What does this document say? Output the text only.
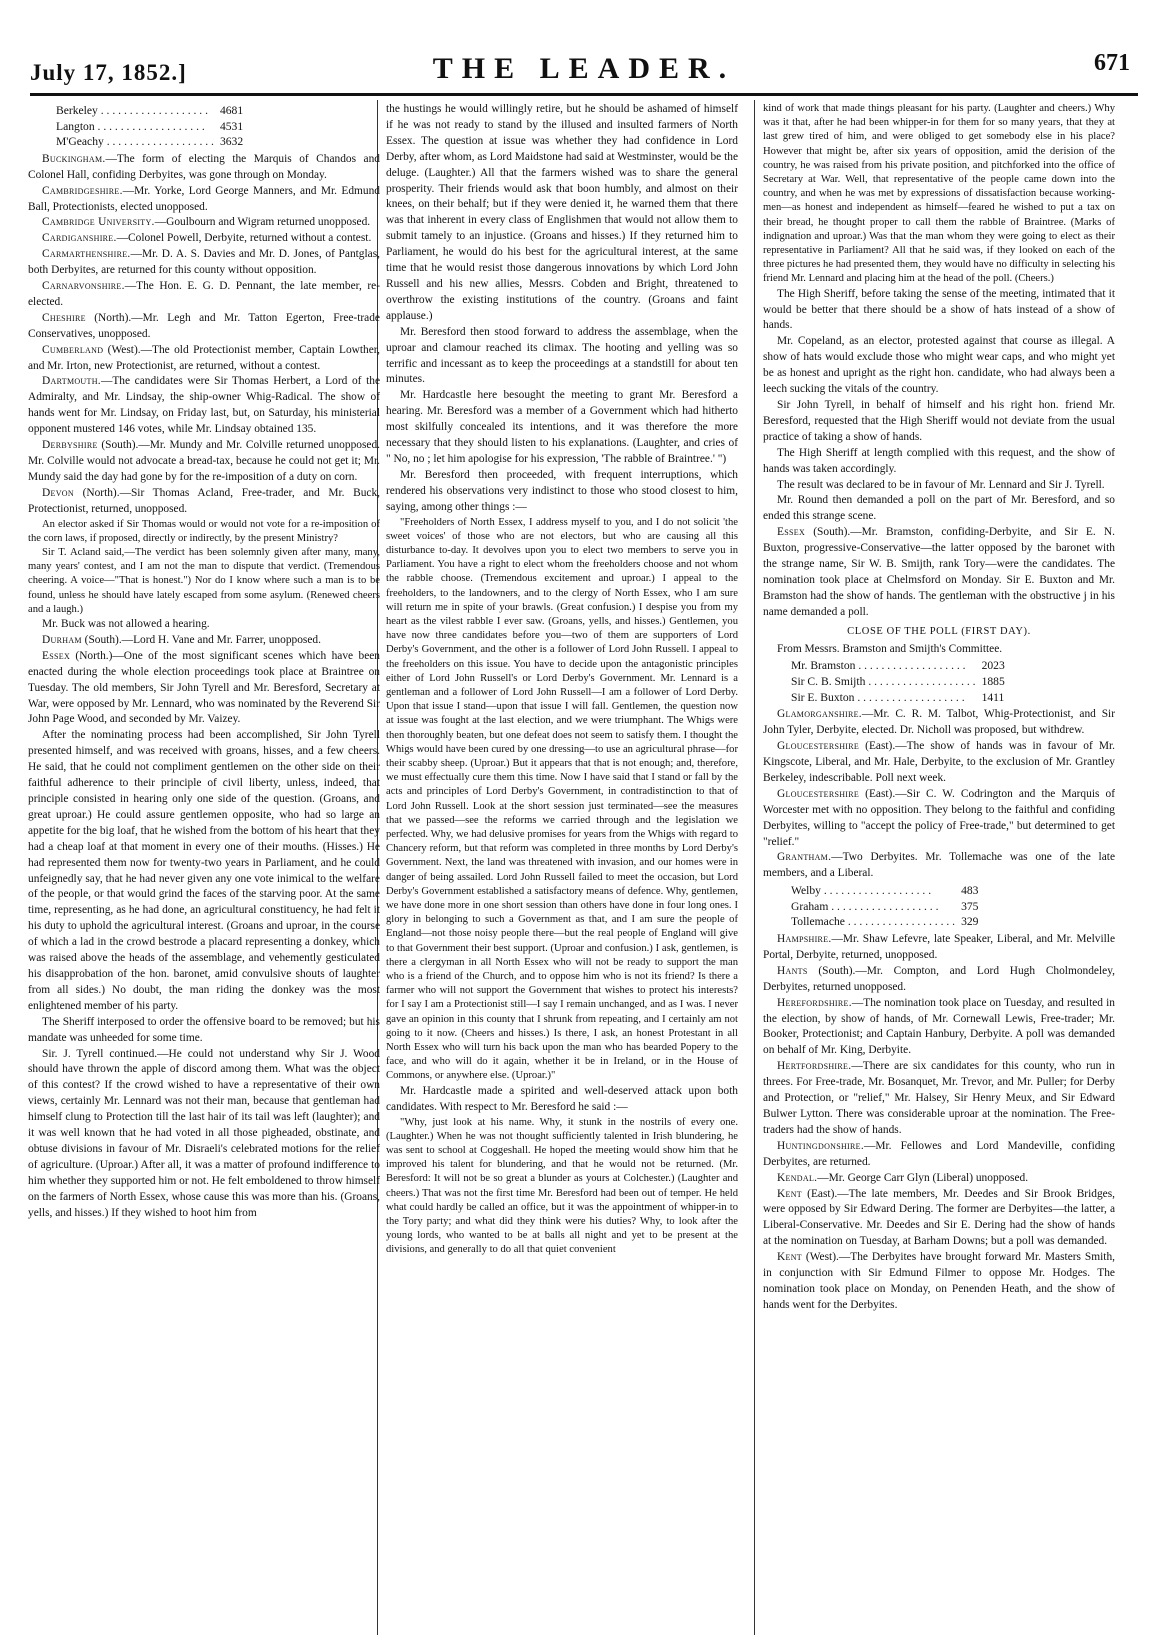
July 17, 1852.]	THE LEADER.	671
Berkeley . . .	4681
Langton . . .	4531
M'Geachy . . .	3632

Buckingham.—The form of electing the Marquis of Chandos and Colonel Hall, confiding Derbyites, was gone through on Monday.

Cambridgeshire.—Mr. Yorke, Lord George Manners, and Mr. Edmund Ball, Protectionists, elected unopposed.

Cambridge University.—Goulbourn and Wigram returned unopposed.

Cardiganshire.—Colonel Powell, Derbyite, returned without a contest.

Carmarthenshire.—Mr. D. A. S. Davies and Mr. D. Jones, of Pantglas, both Derbyites, are returned for this county without opposition.

Carnarvonshire.—The Hon. E. G. D. Pennant, the late member, re-elected.

Cheshire (North).—Mr. Legh and Mr. Tatton Egerton, Free-trade Conservatives, unopposed.

Cumberland (West).—The old Protectionist member, Captain Lowther, and Mr. Irton, new Protectionist, are returned, without a contest.

Dartmouth.—The candidates were Sir Thomas Herbert, a Lord of the Admiralty, and Mr. Lindsay, the ship-owner Whig-Radical. The show of hands went for Mr. Lindsay, on Friday last, but, on Saturday, his ministerial opponent mustered 146 votes, while Mr. Lindsay obtained 135.

Derbyshire (South).—Mr. Mundy and Mr. Colville returned unopposed. Mr. Colville would not advocate a bread-tax, because he could not get it; Mr. Mundy said the day had gone by for the re-imposition of a duty on corn.

Devon (North).—Sir Thomas Acland, Free-trader, and Mr. Buck, Protectionist, returned, unopposed.

An elector asked if Sir Thomas would or would not vote for a re-imposition of the corn laws, if proposed, directly or indirectly, by the present Ministry?

Sir T. Acland said,—The verdict has been solemnly given after many, many, many years' contest, and I am not the man to dispute that verdict. (Tremendous cheering. A voice—"That is honest.") Nor do I know where such a man is to be found, unless he should have lately escaped from some asylum. (Renewed cheers and a laugh.)

Mr. Buck was not allowed a hearing.

Durham (South).—Lord H. Vane and Mr. Farrer, unopposed.

Essex (North.)—One of the most significant scenes which have been enacted during the whole election proceedings took place at Braintree on Tuesday. The old members, Sir John Tyrell and Mr. Beresford, Secretary at War, were opposed by Mr. Lennard, who was nominated by the Reverend Sir John Page Wood, and seconded by Mr. Vaizey.

After the nominating process had been accomplished, Sir John Tyrell presented himself, and was received with groans, hisses, and a few cheers. He said, that he could not compliment gentlemen on the other side on their faithful adherence to their principle of civil liberty, unless, indeed, that principle consisted in hearing only one side of the question. (Groans, and great uproar.) He could assure gentlemen opposite, who had so large an appetite for the big loaf, that he wished from the bottom of his heart that they had a cheap loaf at that moment in every one of their mouths. (Hisses.) He had represented them now for twenty-two years in Parliament, and he could unfeignedly say, that he had never given any one vote inimical to the welfare of the people, or that would grind the faces of the starving poor. At the same time, representing, as he had done, an agricultural constituency, he had felt it his duty to uphold the agricultural interest. (Groans and uproar, in the course of which a lad in the crowd bestrode a placard representing a donkey, which was raised above the heads of the assemblage, and vehemently gesticulated his disapprobation of the hon. baronet, amid convulsive shouts of laughter from all sides.) No doubt, the man riding the donkey was the most enlightened member of his party.

The Sheriff interposed to order the offensive board to be removed; but his mandate was unheeded for some time.

Sir. J. Tyrell continued.—He could not understand why Sir J. Wood should have thrown the apple of discord among them. What was the object of this contest? If the crowd wished to have a representative of their own views, certainly Mr. Lennard was not their man, because that gentleman had himself clung to Protection till the last hair of its tail was left (laughter); and it was well known that he had voted in all those pigheaded, obstinate, and obtuse divisions in favour of Mr. Disraeli's celebrated motions for the relief of agriculture. (Uproar.) After all, it was a matter of profound indifference to him whether they supported him or not. He felt emboldened to throw himself on the farmers of North Essex, whose cause this was more than his. (Groans, yells, and hisses.) If they wished to hoot him from

the hustings he would willingly retire, but he should be ashamed of himself if he was not ready to stand by the illused and insulted farmers of North Essex. The question at issue was whether they had confidence in Lord Derby, after whom, as Lord Maidstone had said at Westminster, would be the deluge. (Laughter.) All that the farmers wished was to share the general prosperity. Their friends would ask that boon humbly, and almost on their knees, on their behalf; but if they were denied it, he warned them that there was that inherent in every class of Englishmen that would not allow them to submit tamely to an injustice. (Groans and hisses.) If they returned him to Parliament, he would do his best for the agricultural interest, at the same time that he would resist those dangerous innovations by which Lord John Russell and his new allies, Messrs. Cobden and Bright, threatened to overthrow the existing institutions of the country. (Groans and faint applause.)

Mr. Beresford then stood forward to address the assemblage, when the uproar and clamour reached its climax. The hooting and yelling was so terrific and incessant as to keep the proceedings at a standstill for about ten minutes.

Mr. Hardcastle here besought the meeting to grant Mr. Beresford a hearing. Mr. Beresford was a member of a Government which had hitherto most skilfully concealed its intentions, and it was therefore the more necessary that they should listen to his explanations. (Laughter, and cries of " No, no ; let him apologise for his expression, 'The rabble of Braintree.' ")

Mr. Beresford then proceeded, with frequent interruptions, which rendered his observations very indistinct to those who stood closest to him, saying, among other things :—

"Freeholders of North Essex, I address myself to you, and I do not solicit 'the sweet voices' of those who are not electors, but who are causing all this disturbance to-day. It devolves upon you to elect two members to serve you in Parliament. You have a right to elect whom the freeholders choose and not whom the rabble choose. (Tremendous excitement and uproar.) I appeal to the freeholders, to the landowners, and to the clergy of North Essex, who I am sure will return me in spite of your brawls. (Great confusion.) I despise you from my heart as the vilest rabble I ever saw. (Groans, yells, and hisses.) Gentlemen, you have now three candidates before you—two of them are supporters of Lord Derby's Government, and the other is a follower of Lord John Russell. I appeal to the freeholders on this issue. You have to decide upon the antagonistic principles either of Lord John Russell's or Lord Derby's Government. Mr. Lennard is a gentleman and a follower of Lord John Russell—I am a follower of Lord Derby. Upon that issue I stand—upon that issue I will fall. Gentlemen, the question now at issue was fought at the last election, and we were triumphant. The Whigs were then thoroughly beaten, but one defeat does not seem to satisfy them. I thought the Whigs would have been cured by one dressing—to use an agricultural phrase—for their scabby sheep. (Uproar.) But it appears that that is not enough; and, therefore, we must effectually cure them this time. Now I have said that I stand or fall by the acts and principles of Lord Derby's Government, in contradistinction to that of Lord John Russell. Look at the short session just terminated—see the measures that we passed—see the reforms we carried through and the legislation we perfected. Why, we had delusive promises for years from the Whigs with regard to Chancery reform, but that reform was completed in three months by Lord Derby's Government. Next, the land was threatened with invasion, and our homes were in danger of being assailed. Lord John Russell failed to meet the occasion, but Lord Derby's Government established a satisfactory means of defence. Why, gentlemen, we have done more in one short session than others have done in four long ones. I glory in belonging to such a Government as that, and I am sure the people of England—not those noisy people there—but the real people of England will give to that Government their best support. (Uproar and confusion.) I ask, gentlemen, is there a clergyman in all North Essex who will not be ready to support the man who is a friend of the Church, and to oppose him who is not its friend? Is there a farmer who will not support the Government that wishes to protect his interests? for I say I am a Protectionist still—I say I remain unchanged, and as I was. I never gave an opinion in this county that I shrunk from repeating, and I certainly am not going to it now. (Cheers and hisses.) Is there, I ask, an honest Protestant in all North Essex who will turn his back upon the man who has bearded Popery to the face, and who will do it again, whether it be in Ireland, or in the House of Commons, or anywhere else. (Uproar.)"

Mr. Hardcastle made a spirited and well-deserved attack upon both candidates. With respect to Mr. Beresford he said :—

"Why, just look at his name. Why, it stunk in the nostrils of every one. (Laughter.) When he was not thought sufficiently talented in Irish blundering, he was sent to school at Coggeshall. He hoped the meeting would show him that he improved his talent for blundering, and that he would not be returned. (Mr. Beresford: It will not be so great a blunder as yours at Colchester.) (Laughter and cheers.) That was not the first time Mr. Beresford had been out of temper. He held what could hardly be called an office, but it was the appointment of whipper-in to the Tory party; and what did they think were his duties? Why, to look after the young lords, who wanted to be at balls all night and yet to be present at the divisions, and generally to do all that quiet convenient

kind of work that made things pleasant for his party. (Laughter and cheers.) Why was it that, after he had been whipper-in for them for so many years, that they at last grew tired of him, and were obliged to get somebody else in his place? However that might be, after six years of opposition, amid the derision of the country, he was raised from his private position, and pitchforked into the office of Secretary at War. Well, that representative of the people came down into the country, and when he was met by expressions of dissatisfaction because working-men—as honest and independent as himself—feared he wished to put a tax on their bread, he thought proper to call them the rabble of Braintree. (Marks of indignation and uproar.) Was that the man whom they were going to elect as their representative in Parliament? All that he said was, if they looked on each of the three pictures he had presented them, they would have no difficulty in selecting his friend Mr. Lennard and placing him at the head of the poll. (Cheers.)

The High Sheriff, before taking the sense of the meeting, intimated that it would be better that there should be a show of hats instead of a show of hands.

Mr. Copeland, as an elector, protested against that course as illegal. A show of hats would exclude those who might wear caps, and who might yet be as honest and upright as the right hon. candidate, who had always been a leech sucking the vitals of the country.

Sir John Tyrell, in behalf of himself and his right hon. friend Mr. Beresford, requested that the High Sheriff would not deviate from the usual practice of taking a show of hands.

The High Sheriff at length complied with this request, and the show of hands was taken accordingly.

The result was declared to be in favour of Mr. Lennard and Sir J. Tyrell.

Mr. Round then demanded a poll on the part of Mr. Beresford, and so ended this strange scene.

Essex (South).—Mr. Bramston, confiding-Derbyite, and Sir E. N. Buxton, progressive-Conservative—the latter opposed by the baronet with the strange name, Sir W. B. Smijth, rank Tory—were the candidates. The nomination took place at Chelmsford on Monday. Sir E. Buxton and Mr. Bramston had the show of hands. The gentleman with the obstructive j in his name demanded a poll.

CLOSE OF THE POLL (FIRST DAY).

From Messrs. Bramston and Smijth's Committee.

Mr. Bramston . . .	2023
Sir C. B. Smijth . . .	1885
Sir E. Buxton . . .	1411

Glamorganshire.—Mr. C. R. M. Talbot, Whig-Protectionist, and Sir John Tyler, Derbyite, elected. Dr. Nicholl was proposed, but withdrew.

Gloucestershire (East).—The show of hands was in favour of Mr. Kingscote, Liberal, and Mr. Hale, Derbyite, to the exclusion of Mr. Grantley Berkeley, indescribable. Poll next week.

Gloucestershire (East).—Sir C. W. Codrington and the Marquis of Worcester met with no opposition. They belong to the faithful and confiding Derbyites, willing to "accept the policy of Free-trade," but determined to get "relief."

Grantham.—Two Derbyites. Mr. Tollemache was one of the late members, and a Liberal.

Welby . . .	483
Graham . . .	375
Tollemache . . .	329

Hampshire.—Mr. Shaw Lefevre, late Speaker, Liberal, and Mr. Melville Portal, Derbyite, returned, unopposed.

Hants (South).—Mr. Compton, and Lord Hugh Cholmondeley, Derbyites, returned unopposed.

Herefordshire.—The nomination took place on Tuesday, and resulted in the election, by show of hands, of Mr. Cornewall Lewis, Free-trader; Mr. Booker, Protectionist; and Captain Hanbury, Derbyite. A poll was demanded on behalf of Mr. King, Derbyite.

Hertfordshire.—There are six candidates for this county, who run in threes. For Free-trade, Mr. Bosanquet, Mr. Trevor, and Mr. Puller; for Derby and Protection, or "relief," Mr. Halsey, Sir Henry Meux, and Sir Edward Bulwer Lytton. There was considerable uproar at the nomination. The Free-traders had the show of hands.

Huntingdonshire.—Mr. Fellowes and Lord Mandeville, confiding Derbyites, are returned.

Kendal.—Mr. George Carr Glyn (Liberal) unopposed.

Kent (East).—The late members, Mr. Deedes and Sir Brook Bridges, were opposed by Sir Edward Dering. The former are Derbyites—the latter, a Liberal-Conservative. Mr. Deedes and Sir E. Dering had the show of hands at the nomination on Tuesday, at Barham Downs; but a poll was demanded.

Kent (West).—The Derbyites have brought forward Mr. Masters Smith, in conjunction with Sir Edmund Filmer to oppose Mr. Hodges. The nomination took place on Monday, on Penenden Heath, and the show of hands went for the Derbyites.
